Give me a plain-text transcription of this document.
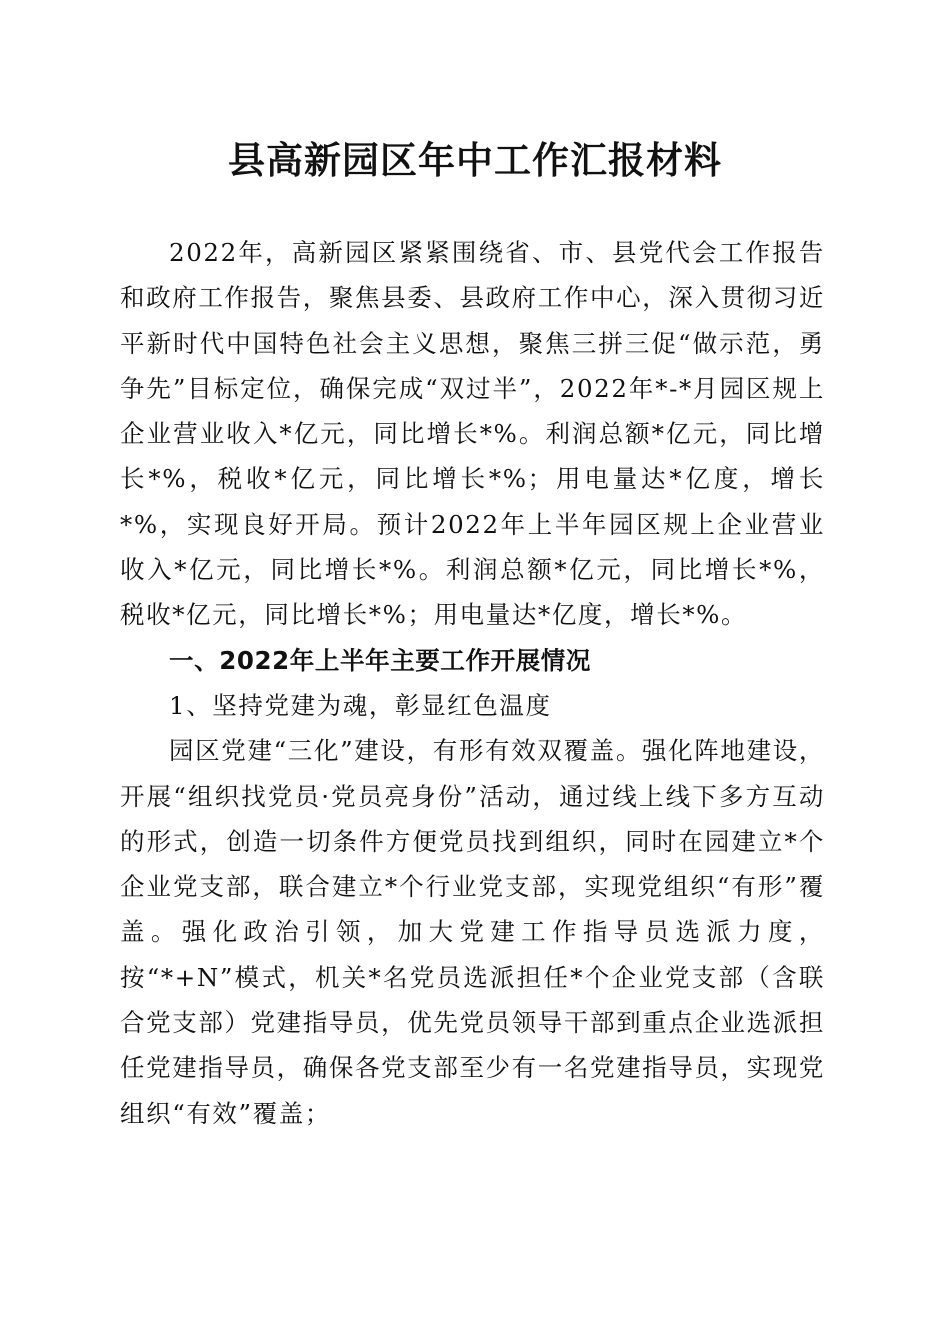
县高新园区年中工作汇报材料

2022年，高新园区紧紧围绕省、市、县党代会工作报告和政府工作报告，聚焦县委、县政府工作中心，深入贯彻习近平新时代中国特色社会主义思想，聚焦三拼三促“做示范，勇争先”目标定位，确保完成“双过半”，2022年*-*月园区规上企业营业收入*亿元，同比增长*%。利润总额*亿元，同比增长*%，税收*亿元，同比增长*%；用电量达*亿度，增长*%，实现良好开局。预计2022年上半年园区规上企业营业收入*亿元，同比增长*%。利润总额*亿元，同比增长*%，税收*亿元，同比增长*%；用电量达*亿度，增长*%。

一、2022年上半年主要工作开展情况

1、坚持党建为魂，彰显红色温度

园区党建“三化”建设，有形有效双覆盖。强化阵地建设，开展“组织找党员·党员亮身份”活动，通过线上线下多方互动的形式，创造一切条件方便党员找到组织，同时在园建立*个企业党支部，联合建立*个行业党支部，实现党组织“有形”覆盖。强化政治引领，加大党建工作指导员选派力度，按“*+N”模式，机关*名党员选派担任*个企业党支部（含联合党支部）党建指导员，优先党员领导干部到重点企业选派担任党建指导员，确保各党支部至少有一名党建指导员，实现党组织“有效”覆盖；
